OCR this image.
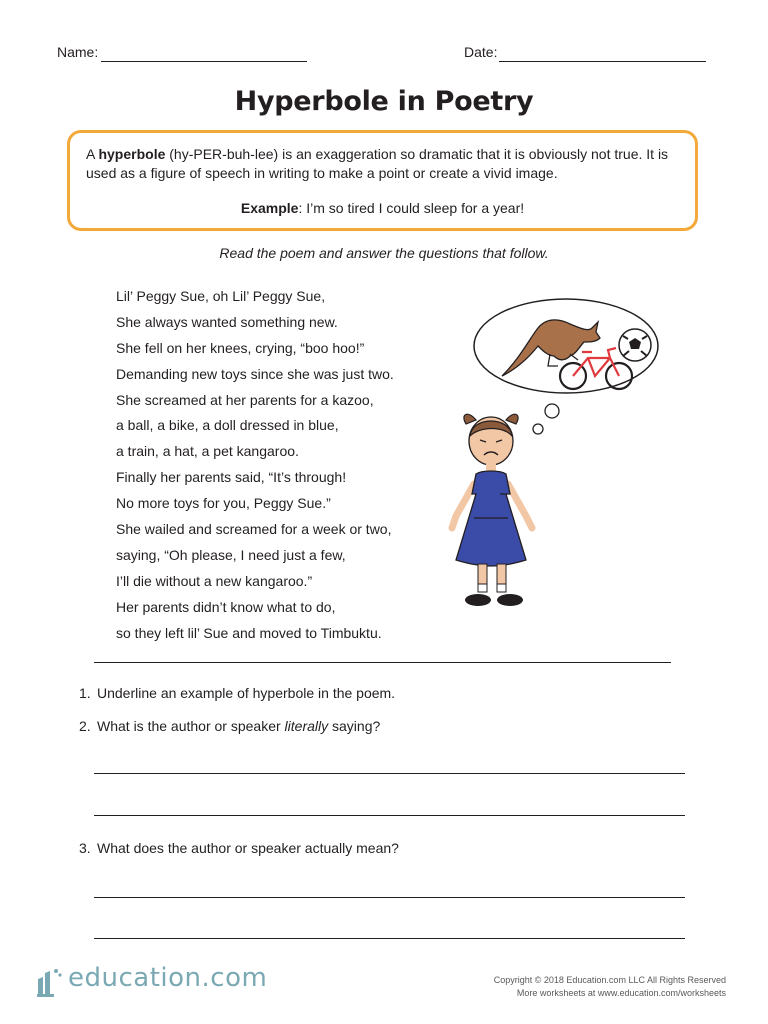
Name:	Date:
Hyperbole in Poetry
A hyperbole (hy-PER-buh-lee) is an exaggeration so dramatic that it is obviously not true. It is used as a figure of speech in writing to make a point or create a vivid image.
Example: I’m so tired I could sleep for a year!
Read the poem and answer the questions that follow.
Lil’ Peggy Sue, oh Lil’ Peggy Sue,
She always wanted something new.
She fell on her knees, crying, “boo hoo!”
Demanding new toys since she was just two.
She screamed at her parents for a kazoo,
a ball, a bike, a doll dressed in blue,
a train, a hat, a pet kangaroo.
Finally her parents said, “It’s through!
No more toys for you, Peggy Sue.”
She wailed and screamed for a week or two,
saying, “Oh please, I need just a few,
I’ll die without a new kangaroo.”
Her parents didn’t know what to do,
so they left lil’ Sue and moved to Timbuktu.
1. Underline an example of hyperbole in the poem.
2. What is the author or speaker literally saying?
3. What does the author or speaker actually mean?
education.com	Copyright © 2018 Education.com LLC All Rights Reserved
More worksheets at www.education.com/worksheets
